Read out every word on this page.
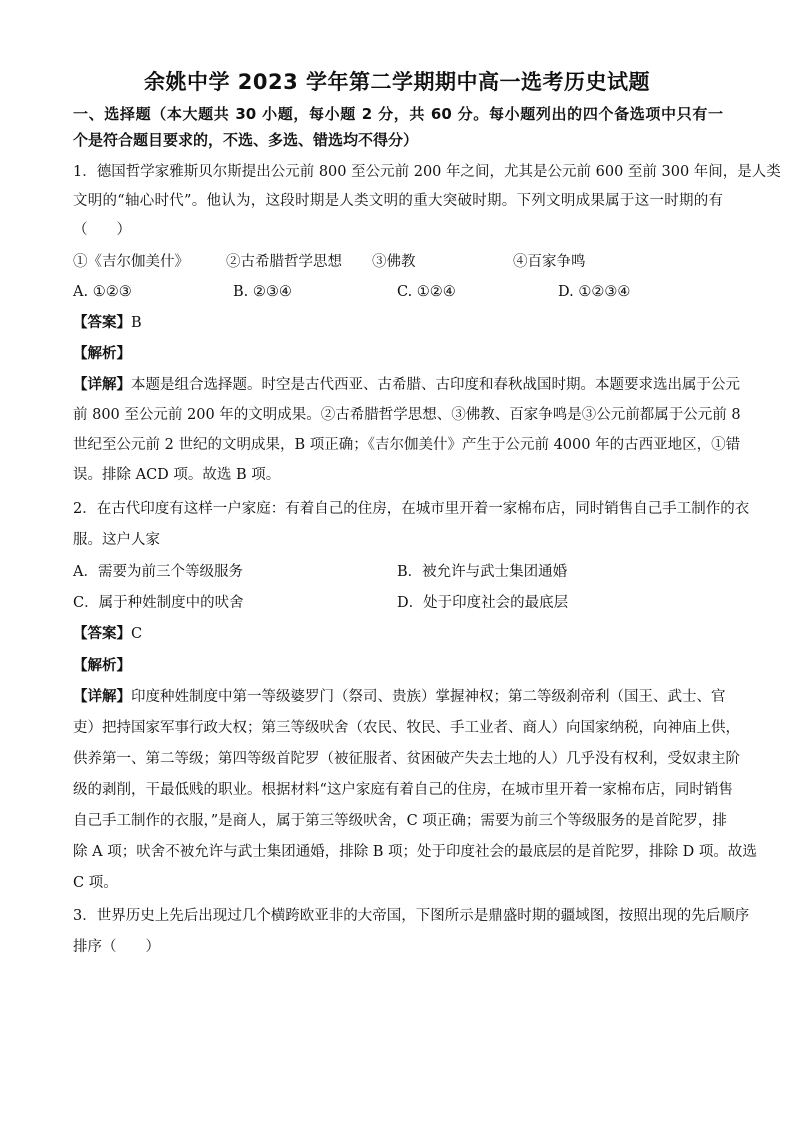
余姚中学 2023 学年第二学期期中高一选考历史试题
一、选择题（本大题共 30 小题，每小题 2 分，共 60 分。每小题列出的四个备选项中只有一
个是符合题目要求的，不选、多选、错选均不得分）
1．德国哲学家雅斯贝尔斯提出公元前 800 至公元前 200 年之间，尤其是公元前 600 至前 300 年间，是人类
文明的“轴心时代”。他认为，这段时期是人类文明的重大突破时期。下列文明成果属于这一时期的有
（　　）
①《吉尔伽美什》	②古希腊哲学思想 ③佛教	④百家争鸣
A. ①②③	B. ②③④	C. ①②④	D. ①②③④
【答案】B
【解析】
【详解】本题是组合选择题。时空是古代西亚、古希腊、古印度和春秋战国时期。本题要求选出属于公元
前 800 至公元前 200 年的文明成果。②古希腊哲学思想、③佛教、百家争鸣是③公元前都属于公元前 8
世纪至公元前 2 世纪的文明成果，B 项正确；《吉尔伽美什》产生于公元前 4000 年的古西亚地区，①错
误。排除 ACD 项。故选 B 项。
2．在古代印度有这样一户家庭：有着自己的住房，在城市里开着一家棉布店，同时销售自己手工制作的衣
服。这户人家
A．需要为前三个等级服务	B．被允许与武士集团通婚
C．属于种姓制度中的吠舍	D．处于印度社会的最底层
【答案】C
【解析】
【详解】印度种姓制度中第一等级婆罗门（祭司、贵族）掌握神权；第二等级刹帝利（国王、武士、官
吏）把持国家军事行政大权；第三等级吠舍（农民、牧民、手工业者、商人）向国家纳税，向神庙上供，
供养第一、第二等级；第四等级首陀罗（被征服者、贫困破产失去土地的人）几乎没有权利，受奴隶主阶
级的剥削，干最低贱的职业。根据材料“这户家庭有着自己的住房，在城市里开着一家棉布店，同时销售
自己手工制作的衣服，”是商人，属于第三等级吠舍，C 项正确；需要为前三个等级服务的是首陀罗，排
除 A 项；吠舍不被允许与武士集团通婚，排除 B 项；处于印度社会的最底层的是首陀罗，排除 D 项。故选
C 项。
3．世界历史上先后出现过几个横跨欧亚非的大帝国，下图所示是鼎盛时期的疆域图，按照出现的先后顺序
排序（　　）
